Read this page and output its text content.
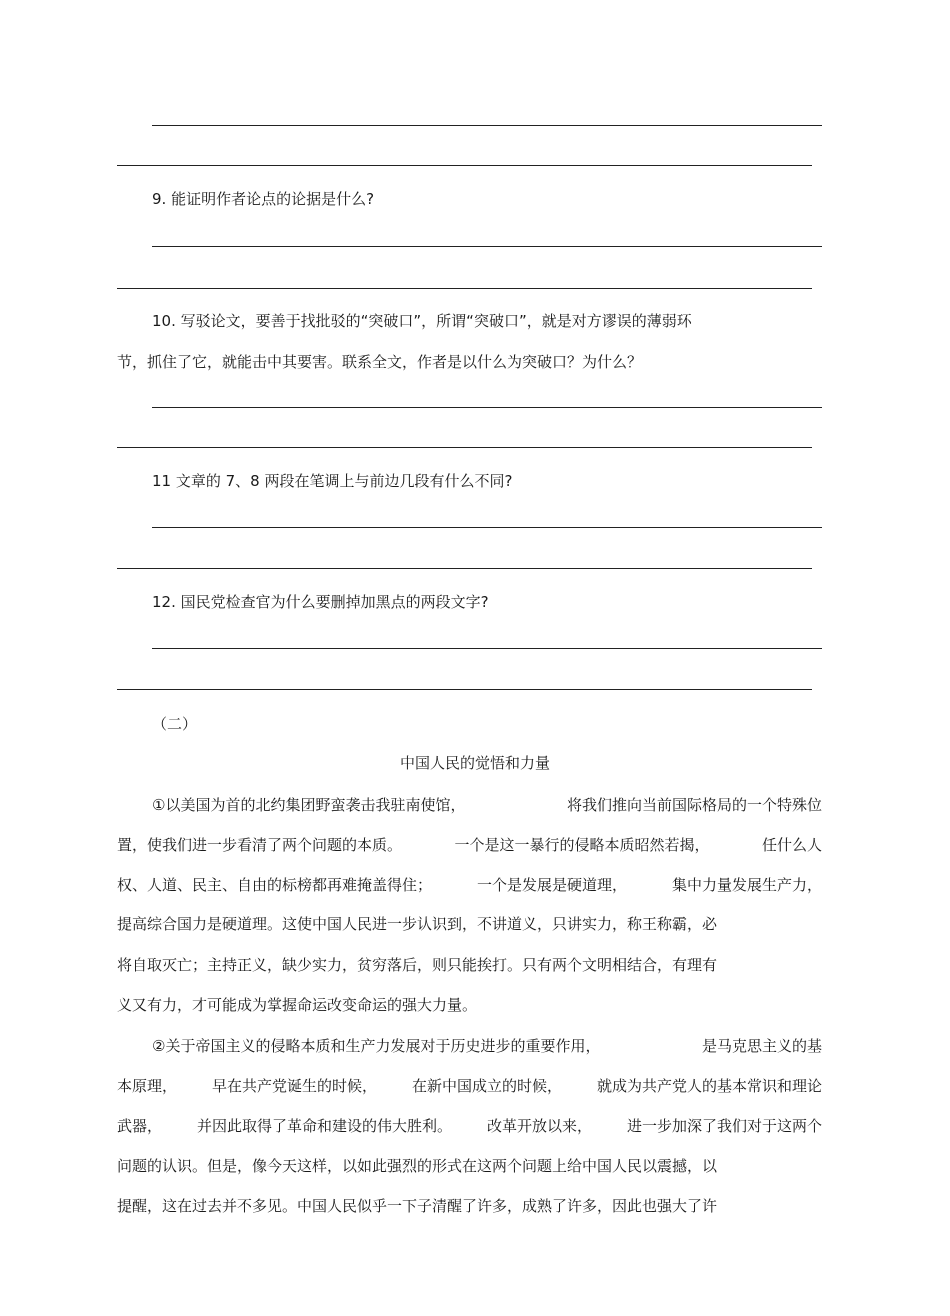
9. 能证明作者论点的论据是什么?
10. 写驳论文，要善于找批驳的“突破口”，所谓“突破口”，就是对方谬误的薄弱环
节，抓住了它，就能击中其要害。联系全文，作者是以什么为突破口？为什么？
11 文章的 7、8 两段在笔调上与前边几段有什么不同?
12. 国民党检查官为什么要删掉加黑点的两段文字?
（二）
中国人民的觉悟和力量
①以美国为首的北约集团野蛮袭击我驻南使馆，	将我们推向当前国际格局的一个特殊位
置，使我们进一步看清了两个问题的本质。	一个是这一暴行的侵略本质昭然若揭，	任什么人
权、人道、民主、自由的标榜都再难掩盖得住；	一个是发展是硬道理，	集中力量发展生产力，
提高综合国力是硬道理。这使中国人民进一步认识到，不讲道义，只讲实力，称王称霸，必
将自取灭亡；主持正义，缺少实力，贫穷落后，则只能挨打。只有两个文明相结合，有理有
义又有力，才可能成为掌握命运改变命运的强大力量。
②关于帝国主义的侵略本质和生产力发展对于历史进步的重要作用，	是马克思主义的基
本原理， 早在共产党诞生的时候， 在新中国成立的时候， 就成为共产党人的基本常识和理论
武器， 并因此取得了革命和建设的伟大胜利。 改革开放以来， 进一步加深了我们对于这两个
问题的认识。但是，像今天这样，以如此强烈的形式在这两个问题上给中国人民以震撼，以
提醒，这在过去并不多见。中国人民似乎一下子清醒了许多，成熟了许多，因此也强大了许
